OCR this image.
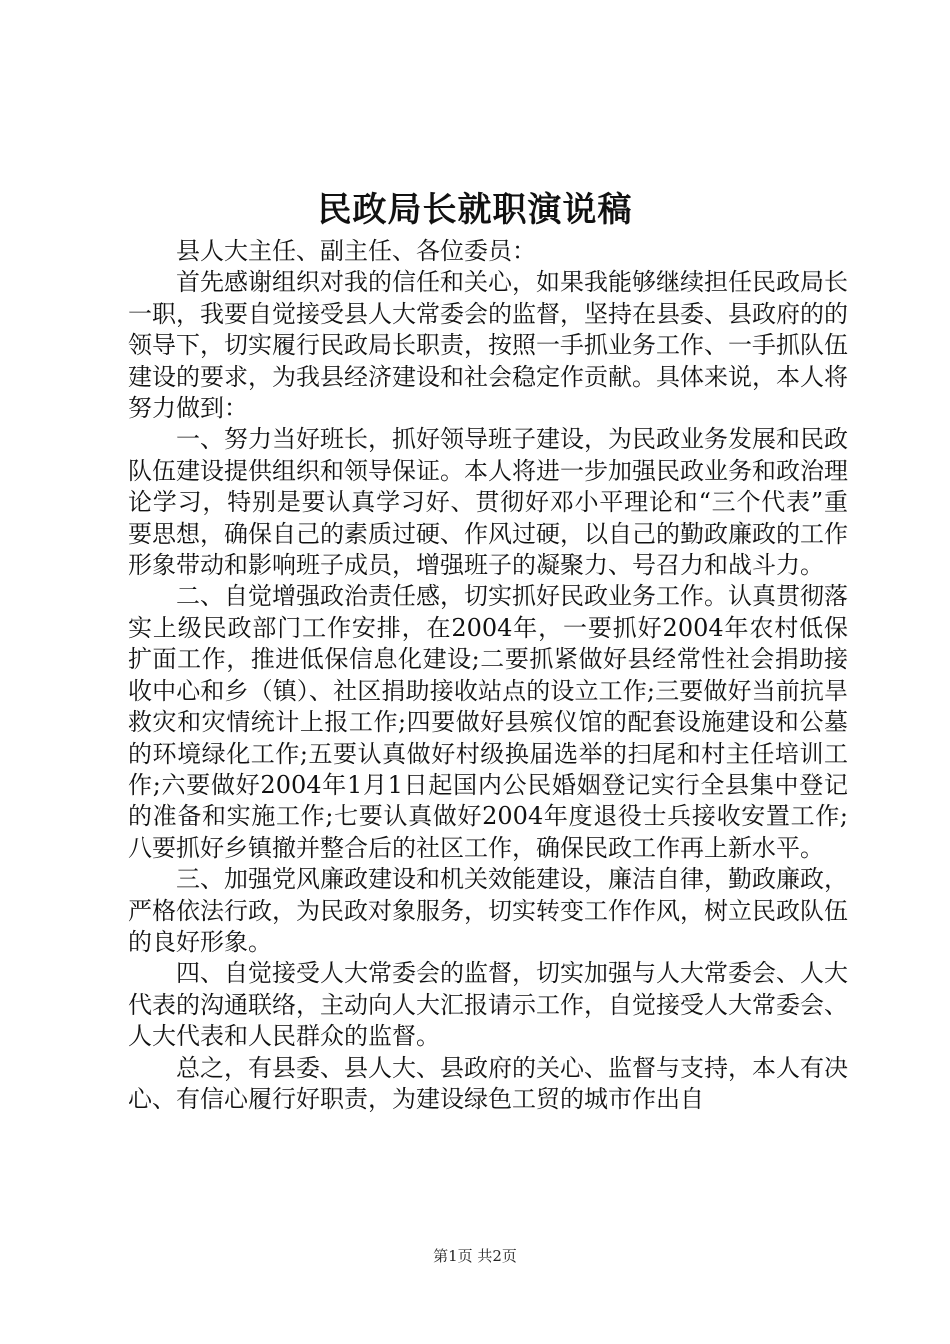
民政局长就职演说稿

县人大主任、副主任、各位委员：

首先感谢组织对我的信任和关心，如果我能够继续担任民政局长一职，我要自觉接受县人大常委会的监督，坚持在县委、县政府的的领导下，切实履行民政局长职责，按照一手抓业务工作、一手抓队伍建设的要求，为我县经济建设和社会稳定作贡献。具体来说，本人将努力做到：

一、努力当好班长，抓好领导班子建设，为民政业务发展和民政队伍建设提供组织和领导保证。本人将进一步加强民政业务和政治理论学习，特别是要认真学习好、贯彻好邓小平理论和“三个代表”重要思想，确保自己的素质过硬、作风过硬，以自己的勤政廉政的工作形象带动和影响班子成员，增强班子的凝聚力、号召力和战斗力。

二、自觉增强政治责任感，切实抓好民政业务工作。认真贯彻落实上级民政部门工作安排，在2004年，一要抓好2004年农村低保扩面工作，推进低保信息化建设;二要抓紧做好县经常性社会捐助接收中心和乡（镇）、社区捐助接收站点的设立工作;三要做好当前抗旱救灾和灾情统计上报工作;四要做好县殡仪馆的配套设施建设和公墓的环境绿化工作;五要认真做好村级换届选举的扫尾和村主任培训工作;六要做好2004年1月1日起国内公民婚姻登记实行全县集中登记的准备和实施工作;七要认真做好2004年度退役士兵接收安置工作;八要抓好乡镇撤并整合后的社区工作，确保民政工作再上新水平。

三、加强党风廉政建设和机关效能建设，廉洁自律，勤政廉政，严格依法行政，为民政对象服务，切实转变工作作风，树立民政队伍的良好形象。

四、自觉接受人大常委会的监督，切实加强与人大常委会、人大代表的沟通联络，主动向人大汇报请示工作，自觉接受人大常委会、人大代表和人民群众的监督。

总之，有县委、县人大、县政府的关心、监督与支持，本人有决心、有信心履行好职责，为建设绿色工贸的城市作出自

第1页 共2页
